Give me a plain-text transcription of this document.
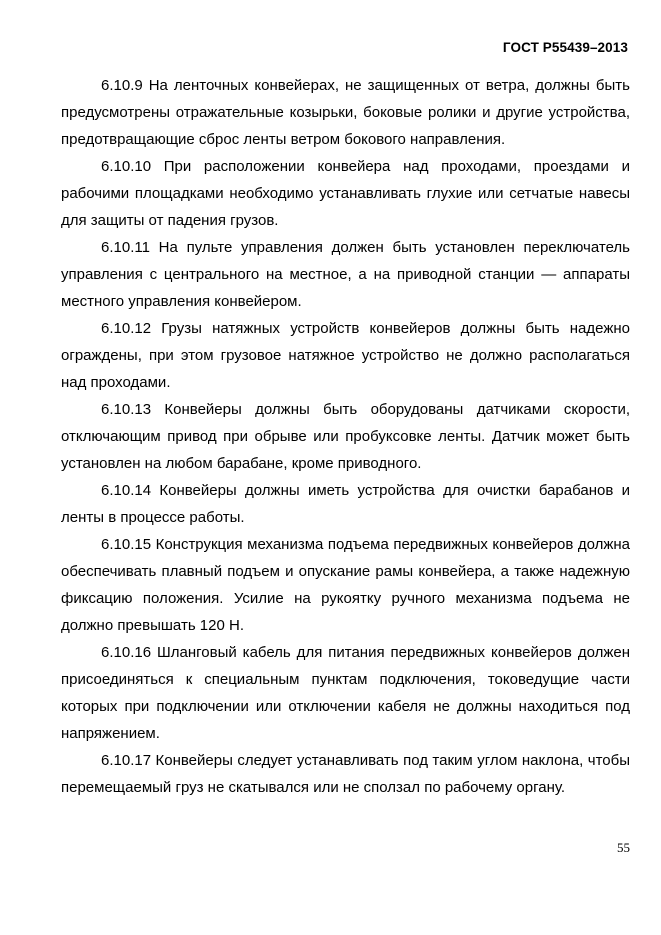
ГОСТ Р55439–2013

6.10.9 На ленточных конвейерах, не защищенных от ветра, должны быть предусмотрены отражательные козырьки, боковые ролики и другие устройства, предотвращающие сброс ленты ветром бокового направления.

6.10.10 При расположении конвейера над проходами, проездами и рабочими площадками необходимо устанавливать глухие или сетчатые навесы для защиты от падения грузов.

6.10.11 На пульте управления должен быть установлен переключатель управления с центрального на местное, а на приводной станции — аппараты местного управления конвейером.

6.10.12 Грузы натяжных устройств конвейеров должны быть надежно ограждены, при этом грузовое натяжное устройство не должно располагаться над проходами.

6.10.13 Конвейеры должны быть оборудованы датчиками скорости, отключающим привод при обрыве или пробуксовке ленты. Датчик может быть установлен на любом барабане, кроме приводного.

6.10.14 Конвейеры должны иметь устройства для очистки барабанов и ленты в процессе работы.

6.10.15 Конструкция механизма подъема передвижных конвейеров должна обеспечивать плавный подъем и опускание рамы конвейера, а также надежную фиксацию положения. Усилие на рукоятку ручного механизма подъема не должно превышать 120 Н.

6.10.16 Шланговый кабель для питания передвижных конвейеров должен присоединяться к специальным пунктам подключения, токоведущие части которых при подключении или отключении кабеля не должны находиться под напряжением.

6.10.17 Конвейеры следует устанавливать под таким углом наклона, чтобы перемещаемый груз не скатывался или не сползал по рабочему органу.

55
